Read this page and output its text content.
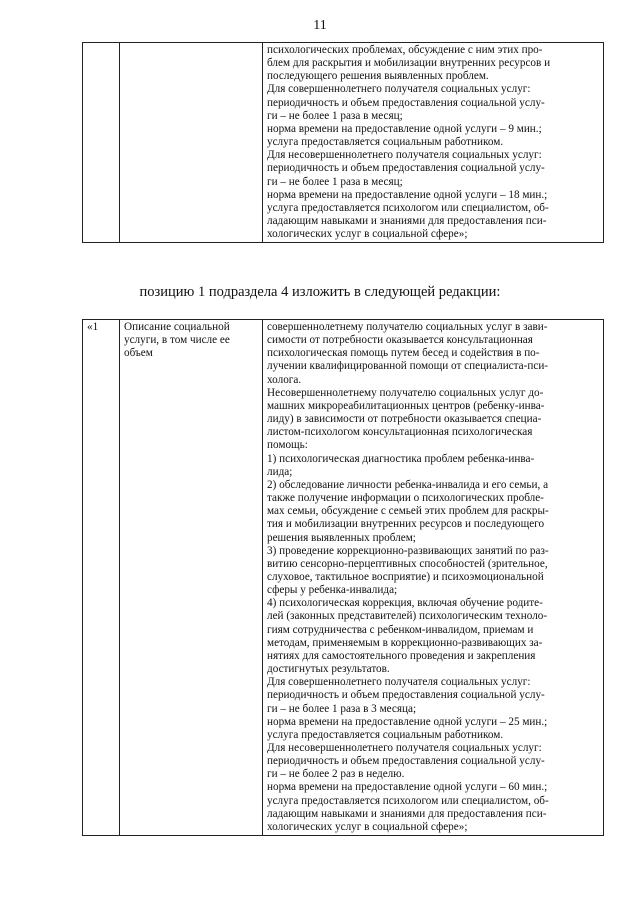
11

психологических проблемах, обсуждение с ним этих про-
блем для раскрытия и мобилизации внутренних ресурсов и
последующего решения выявленных проблем.
Для совершеннолетнего получателя социальных услуг:
периодичность и объем предоставления социальной услу-
ги – не более 1 раза в месяц;
норма времени на предоставление одной услуги – 9 мин.;
услуга предоставляется социальным работником.
Для несовершеннолетнего получателя социальных услуг:
периодичность и объем предоставления социальной услу-
ги – не более 1 раза в месяц;
норма времени на предоставление одной услуги – 18 мин.;
услуга предоставляется психологом или специалистом, об-
ладающим навыками и знаниями для предоставления пси-
хологических услуг в социальной сфере»;
позицию 1 подраздела 4 изложить в следующей редакции:
«1	Описание социальной
услуги, в том числе ее
объем

совершеннолетнему получателю социальных услуг в зави-
симости от потребности оказывается консультационная
психологическая помощь путем бесед и содействия в по-
лучении квалифицированной помощи от специалиста-пси-
холога.
Несовершеннолетнему получателю социальных услуг до-
машних микрореабилитационных центров (ребенку-инва-
лиду) в зависимости от потребности оказывается специа-
листом-психологом консультационная психологическая
помощь:
1) психологическая диагностика проблем ребенка-инва-
лида;
2) обследование личности ребенка-инвалида и его семьи, а
также получение информации о психологических пробле-
мах семьи, обсуждение с семьей этих проблем для раскры-
тия и мобилизации внутренних ресурсов и последующего
решения выявленных проблем;
3) проведение коррекционно-развивающих занятий по раз-
витию сенсорно-перцептивных способностей (зрительное,
слуховое, тактильное восприятие) и психоэмоциональной
сферы у ребенка-инвалида;
4) психологическая коррекция, включая обучение родите-
лей (законных представителей) психологическим техноло-
гиям сотрудничества с ребенком-инвалидом, приемам и
методам, применяемым в коррекционно-развивающих за-
нятиях для самостоятельного проведения и закрепления
достигнутых результатов.
Для совершеннолетнего получателя социальных услуг:
периодичность и объем предоставления социальной услу-
ги – не более 1 раза в 3 месяца;
норма времени на предоставление одной услуги – 25 мин.;
услуга предоставляется социальным работником.
Для несовершеннолетнего получателя социальных услуг:
периодичность и объем предоставления социальной услу-
ги – не более 2 раз в неделю.
норма времени на предоставление одной услуги – 60 мин.;
услуга предоставляется психологом или специалистом, об-
ладающим навыками и знаниями для предоставления пси-
хологических услуг в социальной сфере»;
